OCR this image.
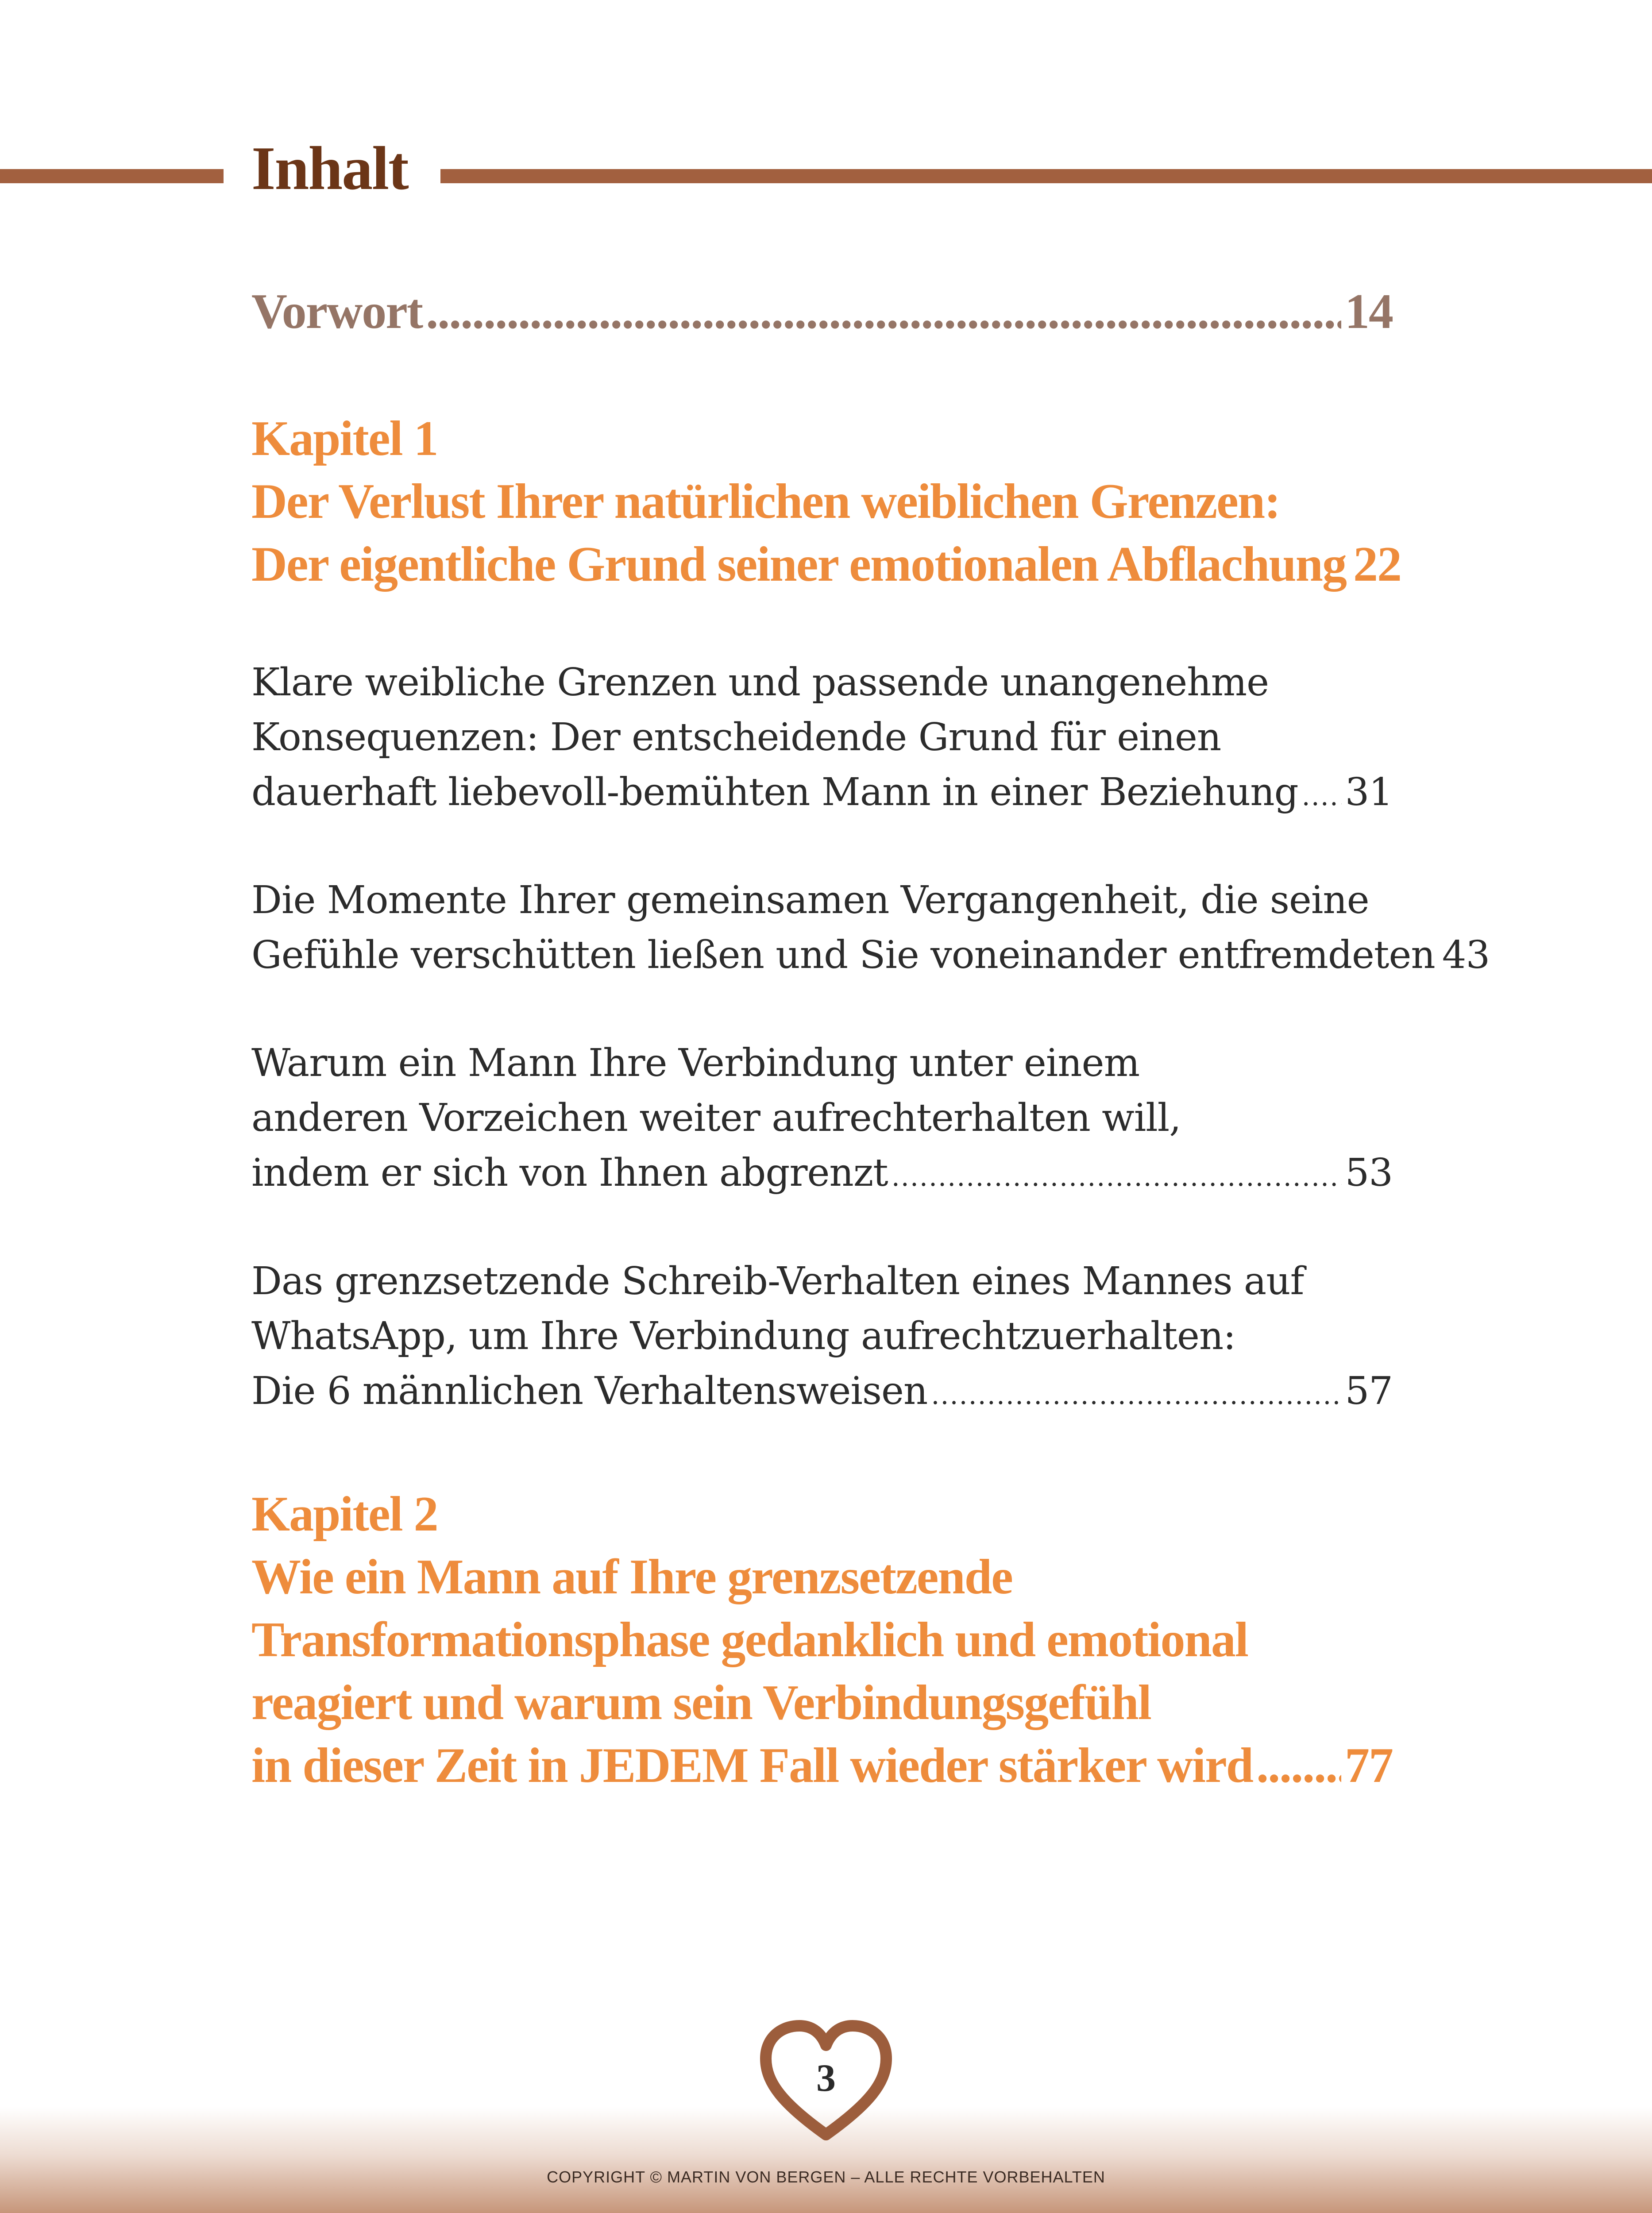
Inhalt
Vorwort .....	14
Kapitel 1
Der Verlust Ihrer natürlichen weiblichen Grenzen:
Der eigentliche Grund seiner emotionalen Abflachung 22
Klare weibliche Grenzen und passende unangenehme
Konsequenzen: Der entscheidende Grund für einen
dauerhaft liebevoll-bemühten Mann in einer Beziehung ..... 31
Die Momente Ihrer gemeinsamen Vergangenheit, die seine
Gefühle verschütten ließen und Sie voneinander entfremdeten 43
Warum ein Mann Ihre Verbindung unter einem
anderen Vorzeichen weiter aufrechterhalten will,
indem er sich von Ihnen abgrenzt .....	53
Das grenzsetzende Schreib-Verhalten eines Mannes auf
WhatsApp, um Ihre Verbindung aufrechtzuerhalten:
Die 6 männlichen Verhaltensweisen .....	57
Kapitel 2
Wie ein Mann auf Ihre grenzsetzende
Transformationsphase gedanklich und emotional
reagiert und warum sein Verbindungsgefühl
in dieser Zeit in JEDEM Fall wieder stärker wird ..... 77
3
COPYRIGHT © MARTIN VON BERGEN – ALLE RECHTE VORBEHALTEN
